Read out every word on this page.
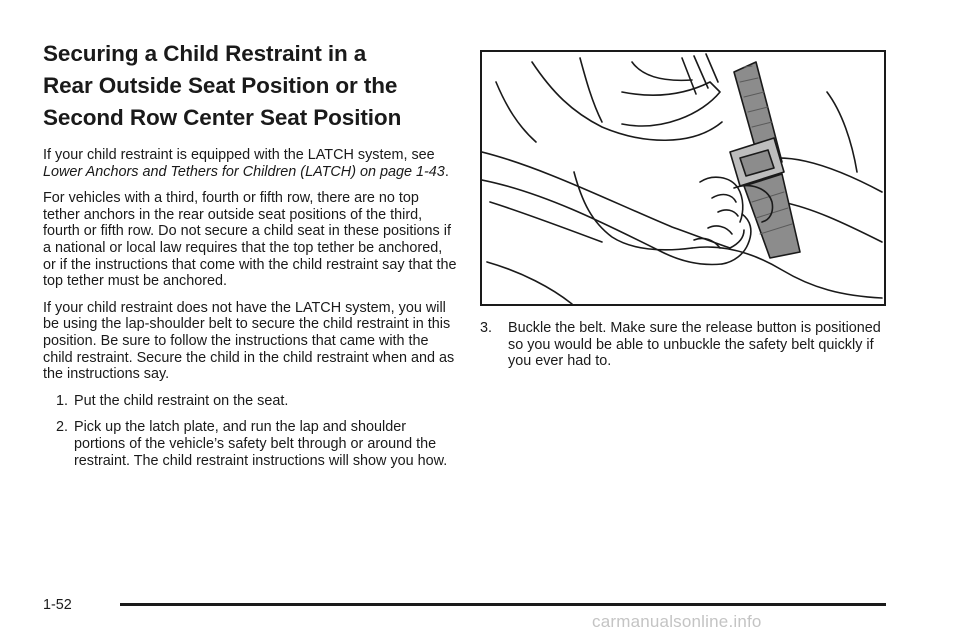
Securing a Child Restraint in a
Rear Outside Seat Position or the
Second Row Center Seat Position

If your child restraint is equipped with the LATCH system, see Lower Anchors and Tethers for Children (LATCH) on page 1-43.

For vehicles with a third, fourth or fifth row, there are no top tether anchors in the rear outside seat positions of the third, fourth or fifth row. Do not secure a child seat in these positions if a national or local law requires that the top tether be anchored, or if the instructions that come with the child restraint say that the top tether must be anchored.

If your child restraint does not have the LATCH system, you will be using the lap-shoulder belt to secure the child restraint in this position. Be sure to follow the instructions that came with the child restraint. Secure the child in the child restraint when and as the instructions say.

1. Put the child restraint on the seat.
2. Pick up the latch plate, and run the lap and shoulder portions of the vehicle’s safety belt through or around the restraint. The child restraint instructions will show you how.
3.	Buckle the belt. Make sure the release button is positioned so you would be able to unbuckle the safety belt quickly if you ever had to.
1-52
carmanualsonline.info
